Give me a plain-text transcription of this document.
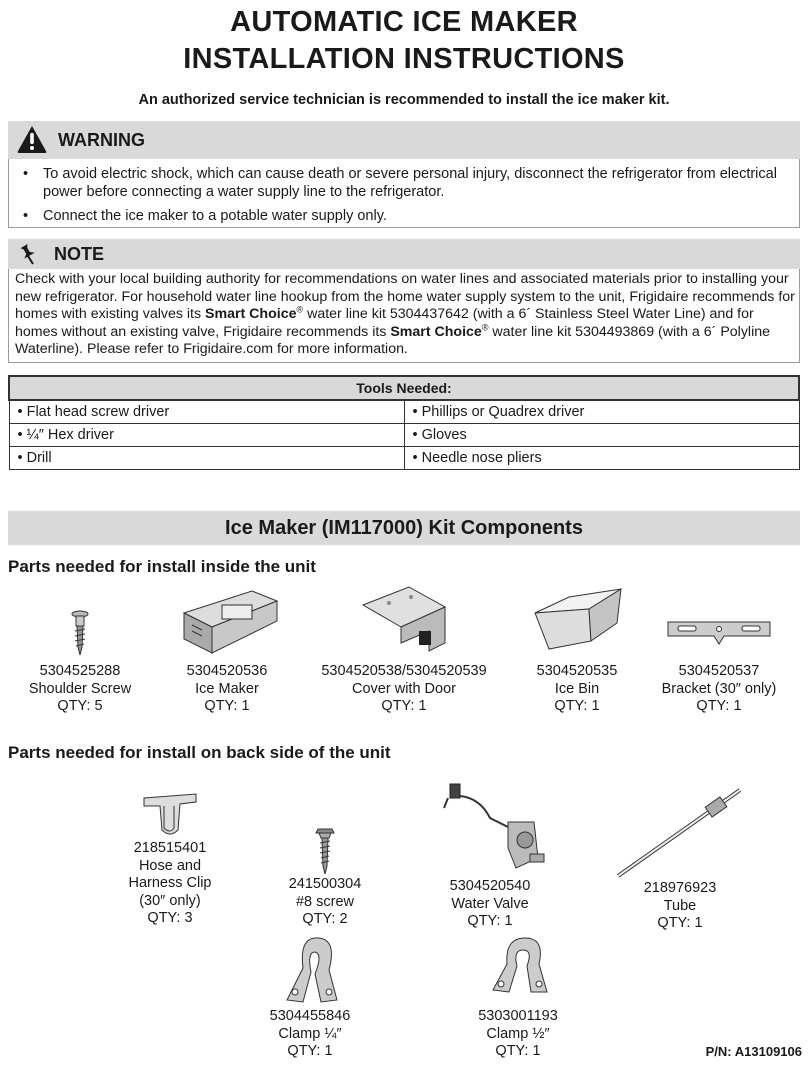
AUTOMATIC ICE MAKER
INSTALLATION INSTRUCTIONS
An authorized service technician is recommended to install the ice maker kit.
WARNING
•	To avoid electric shock, which can cause death or severe personal injury, disconnect the refrigerator from electrical power before connecting a water supply line to the refrigerator.
•	Connect the ice maker to a potable water supply only.
NOTE
Check with your local building authority for recommendations on water lines and associated materials prior to installing your new refrigerator. For household water line hookup from the home water supply system to the unit, Frigidaire recommends for homes with existing valves its Smart Choice® water line kit 5304437642 (with a 6´ Stainless Steel Water Line) and for homes without an existing valve, Frigidaire recommends its Smart Choice® water line kit 5304493869 (with a 6´ Polyline Waterline). Please refer to Frigidaire.com for more information.
Tools Needed:	
• Flat head screw driver	• Phillips or Quadrex driver
• ¼″ Hex driver	• Gloves
• Drill	• Needle nose pliers
Ice Maker (IM117000) Kit Components
Parts needed for install inside the unit
5304525288
Shoulder Screw
QTY: 5
5304520536
Ice Maker
QTY: 1
5304520538/5304520539
Cover with Door
QTY: 1
5304520535
Ice Bin
QTY: 1
5304520537
Bracket (30″ only)
QTY: 1
Parts needed for install on back side of the unit
218515401
Hose and
Harness Clip
(30″ only)
QTY: 3
241500304
#8 screw
QTY: 2
5304520540
Water Valve
QTY: 1
218976923
Tube
QTY: 1
5304455846
Clamp ¼″
QTY: 1
5303001193
Clamp ½″
QTY: 1	P/N: A13109106
